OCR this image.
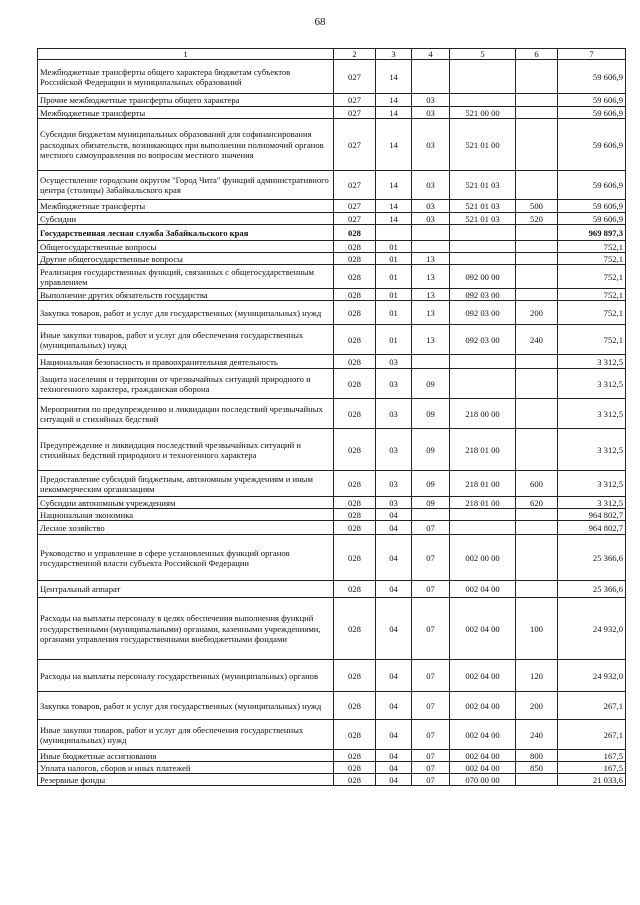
68
1	2	3	4	5	6	7
Межбюджетные трансферты общего характера бюджетам субъектов Российской Федерации и муниципальных образований	027	14				59 606,9
Прочие межбюджетные трансферты общего характера	027	14	03			59 606,9
Межбюджетные трансферты	027	14	03	521 00 00		59 606,9
Субсидии бюджетам муниципальных образований для софинансирования расходных обязательств, возникающих при выполнении полномочий органов местного самоуправления по вопросам местного значения	027	14	03	521 01 00		59 606,9
Осуществление городским округом "Город Чита" функций административного центра (столицы) Забайкальского края	027	14	03	521 01 03		59 606,9
Межбюджетные трансферты	027	14	03	521 01 03	500	59 606,9
Субсидии	027	14	03	521 01 03	520	59 606,9
Государственная лесная служба Забайкальского края	028					969 897,3
Общегосударственные вопросы	028	01				752,1
Другие общегосударственные вопросы	028	01	13			752,1
Реализация государственных функций, связанных с общегосударственным управлением	028	01	13	092 00 00		752,1
Выполнение других обязательств государства	028	01	13	092 03 00		752,1
Закупка товаров, работ и услуг для государственных (муниципальных) нужд	028	01	13	092 03 00	200	752,1
Иные закупки товаров, работ и услуг для обеспечения государственных (муниципальных) нужд	028	01	13	092 03 00	240	752,1
Национальная безопасность и правоохранительная деятельность	028	03				3 312,5
Защита населения и территории от чрезвычайных ситуаций природного и техногенного характера, гражданская оборона	028	03	09			3 312,5
Мероприятия по предупреждению и ликвидации последствий чрезвычайных ситуаций и стихийных бедствий	028	03	09	218 00 00		3 312,5
Предупреждение и ликвидация последствий чрезвычайных ситуаций и стихийных бедствий природного и техногенного характера	028	03	09	218 01 00		3 312,5
Предоставление субсидий бюджетным, автономным учреждениям и иным некоммерческим организациям	028	03	09	218 01 00	600	3 312,5
Субсидии автономным учреждениям	028	03	09	218 01 00	620	3 312,5
Национальная экономика	028	04				964 802,7
Лесное хозяйство	028	04	07			964 802,7
Руководство и управление в сфере установленных функций органов государственной власти субъекта Российской Федерации	028	04	07	002 00 00		25 366,6
Центральный аппарат	028	04	07	002 04 00		25 366,6
Расходы на выплаты персоналу в целях обеспечения выполнения функций государственными (муниципальными) органами, казенными учреждениями, органами управления государственными внебюджетными фондами	028	04	07	002 04 00	100	24 932,0
Расходы на выплаты персоналу государственных (муниципальных) органов	028	04	07	002 04 00	120	24 932,0
Закупка товаров, работ и услуг для государственных (муниципальных) нужд	028	04	07	002 04 00	200	267,1
Иные закупки товаров, работ и услуг для обеспечения государственных (муниципальных) нужд	028	04	07	002 04 00	240	267,1
Иные бюджетные ассигнования	028	04	07	002 04 00	800	167,5
Уплата налогов, сборов и иных платежей	028	04	07	002 04 00	850	167,5
Резервные фонды	028	04	07	070 00 00		21 033,6
